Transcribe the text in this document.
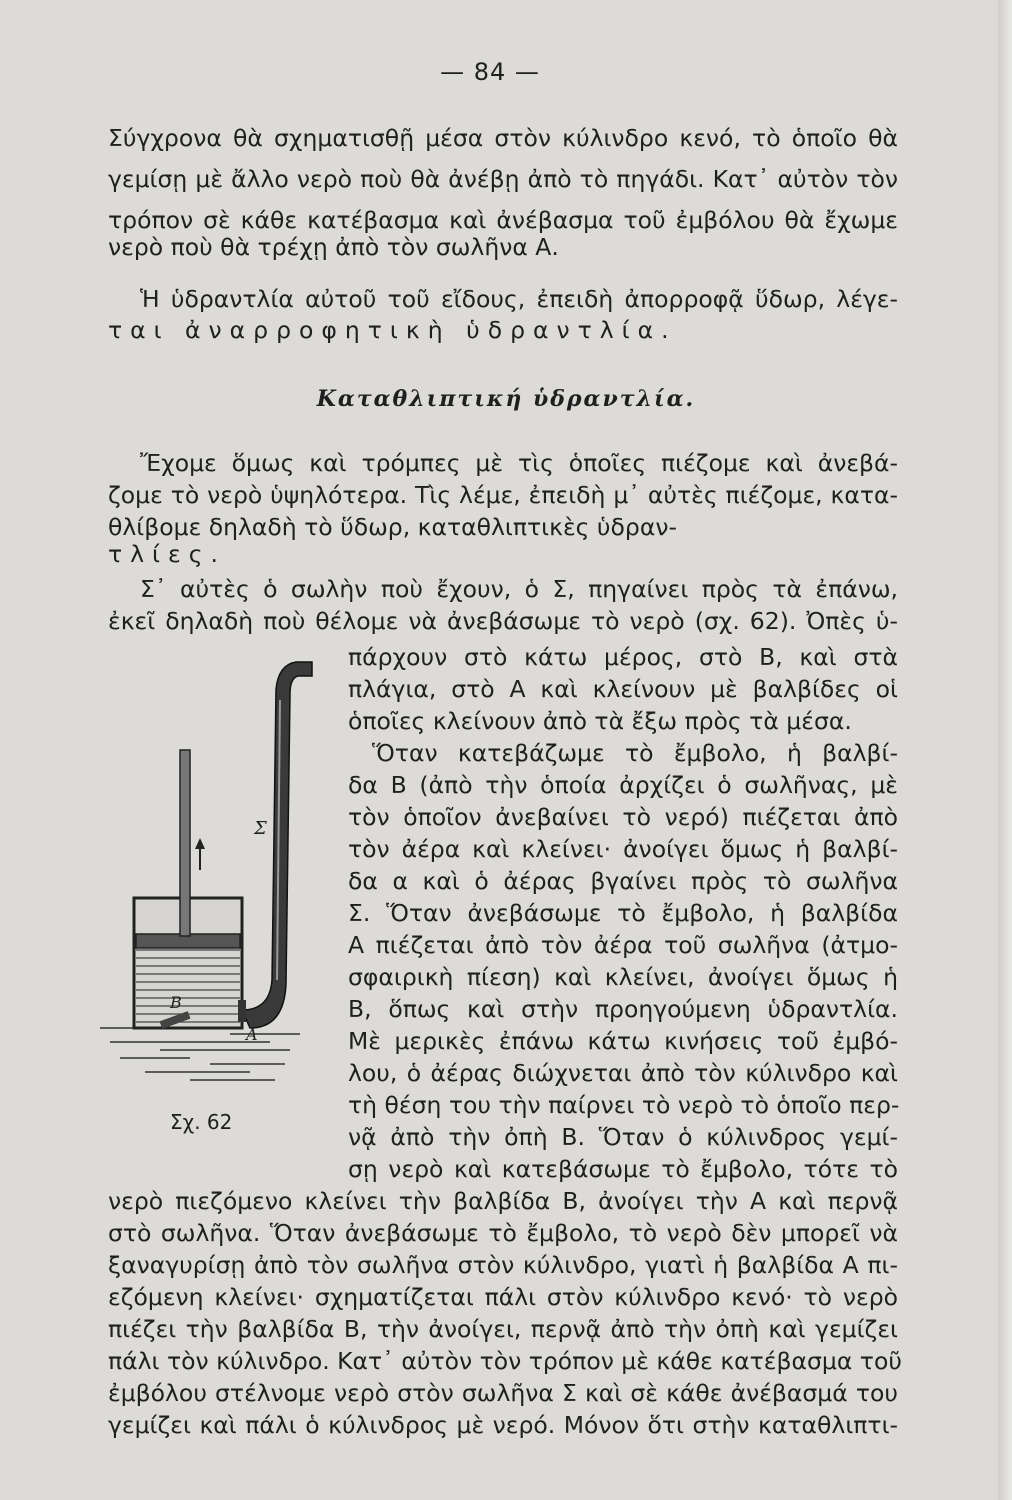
— 84 —
Σύγχρονα θὰ σχηματισθῇ μέσα στὸν κύλινδρο κενό, τὸ ὁποῖο θὰ
γεμίσῃ μὲ ἄλλο νερὸ ποὺ θὰ ἀνέβῃ ἀπὸ τὸ πηγάδι. Κατ᾿ αὐτὸν τὸν
τρόπον σὲ κάθε κατέβασμα καὶ ἀνέβασμα τοῦ ἐμβόλου θὰ ἔχωμε
νερὸ ποὺ θὰ τρέχῃ ἀπὸ τὸν σωλῆνα Α.
Ἡ ὑδραντλία αὐτοῦ τοῦ εἴδους, ἐπειδὴ ἀπορροφᾷ ὕδωρ, λέγε-
ται ἀναρροφητικὴ ὑδραντλία.
Καταθλιπτική ὑδραντλία.
Ἔχομε ὅμως καὶ τρόμπες μὲ τὶς ὁποῖες πιέζομε καὶ ἀνεβά-
ζομε τὸ νερὸ ὑψηλότερα. Τὶς λέμε, ἐπειδὴ μ᾿ αὐτὲς πιέζομε, κατα-
θλίβομε δηλαδὴ τὸ ὕδωρ, καταθλιπτικὲς ὑδραν-
τλίες.
Σ᾿ αὐτὲς ὁ σωλὴν ποὺ ἔχουν, ὁ Σ, πηγαίνει πρὸς τὰ ἐπάνω,
ἐκεῖ δηλαδὴ ποὺ θέλομε νὰ ἀνεβάσωμε τὸ νερὸ (σχ. 62). Ὀπὲς ὑ-
πάρχουν στὸ κάτω μέρος, στὸ Β, καὶ στὰ
πλάγια, στὸ Α καὶ κλείνουν μὲ βαλβίδες οἱ
ὁποῖες κλείνουν ἀπὸ τὰ ἔξω πρὸς τὰ μέσα.
Ὅταν κατεβάζωμε τὸ ἔμβολο, ἡ βαλβί-
δα Β (ἀπὸ τὴν ὁποία ἀρχίζει ὁ σωλῆνας, μὲ
τὸν ὁποῖον ἀνεβαίνει τὸ νερό) πιέζεται ἀπὸ
τὸν ἀέρα καὶ κλείνει· ἀνοίγει ὅμως ἡ βαλβί-
δα α καὶ ὁ ἀέρας βγαίνει πρὸς τὸ σωλῆνα
Σ. Ὅταν ἀνεβάσωμε τὸ ἔμβολο, ἡ βαλβίδα
Α πιέζεται ἀπὸ τὸν ἀέρα τοῦ σωλῆνα (ἀτμο-
σφαιρικὴ πίεση) καὶ κλείνει, ἀνοίγει ὅμως ἡ
Β, ὅπως καὶ στὴν προηγούμενη ὑδραντλία.
Μὲ μερικὲς ἐπάνω κάτω κινήσεις τοῦ ἐμβό-
λου, ὁ ἀέρας διώχνεται ἀπὸ τὸν κύλινδρο καὶ
τὴ θέση του τὴν παίρνει τὸ νερὸ τὸ ὁποῖο περ-
νᾷ ἀπὸ τὴν ὀπὴ Β. Ὅταν ὁ κύλινδρος γεμί-
σῃ νερὸ καὶ κατεβάσωμε τὸ ἔμβολο, τότε τὸ
νερὸ πιεζόμενο κλείνει τὴν βαλβίδα Β, ἀνοίγει τὴν Α καὶ περνᾷ
στὸ σωλῆνα. Ὅταν ἀνεβάσωμε τὸ ἔμβολο, τὸ νερὸ δὲν μπορεῖ νὰ
ξαναγυρίσῃ ἀπὸ τὸν σωλῆνα στὸν κύλινδρο, γιατὶ ἡ βαλβίδα Α πι-
εζόμενη κλείνει· σχηματίζεται πάλι στὸν κύλινδρο κενό· τὸ νερὸ
πιέζει τὴν βαλβίδα Β, τὴν ἀνοίγει, περνᾷ ἀπὸ τὴν ὀπὴ καὶ γεμίζει
πάλι τὸν κύλινδρο. Κατ᾿ αὐτὸν τὸν τρόπον μὲ κάθε κατέβασμα τοῦ
ἐμβόλου στέλνομε νερὸ στὸν σωλῆνα Σ καὶ σὲ κάθε ἀνέβασμά του
γεμίζει καὶ πάλι ὁ κύλινδρος μὲ νερό. Μόνον ὅτι στὴν καταθλιπτι-
Σ
B
A
Σχ. 62
